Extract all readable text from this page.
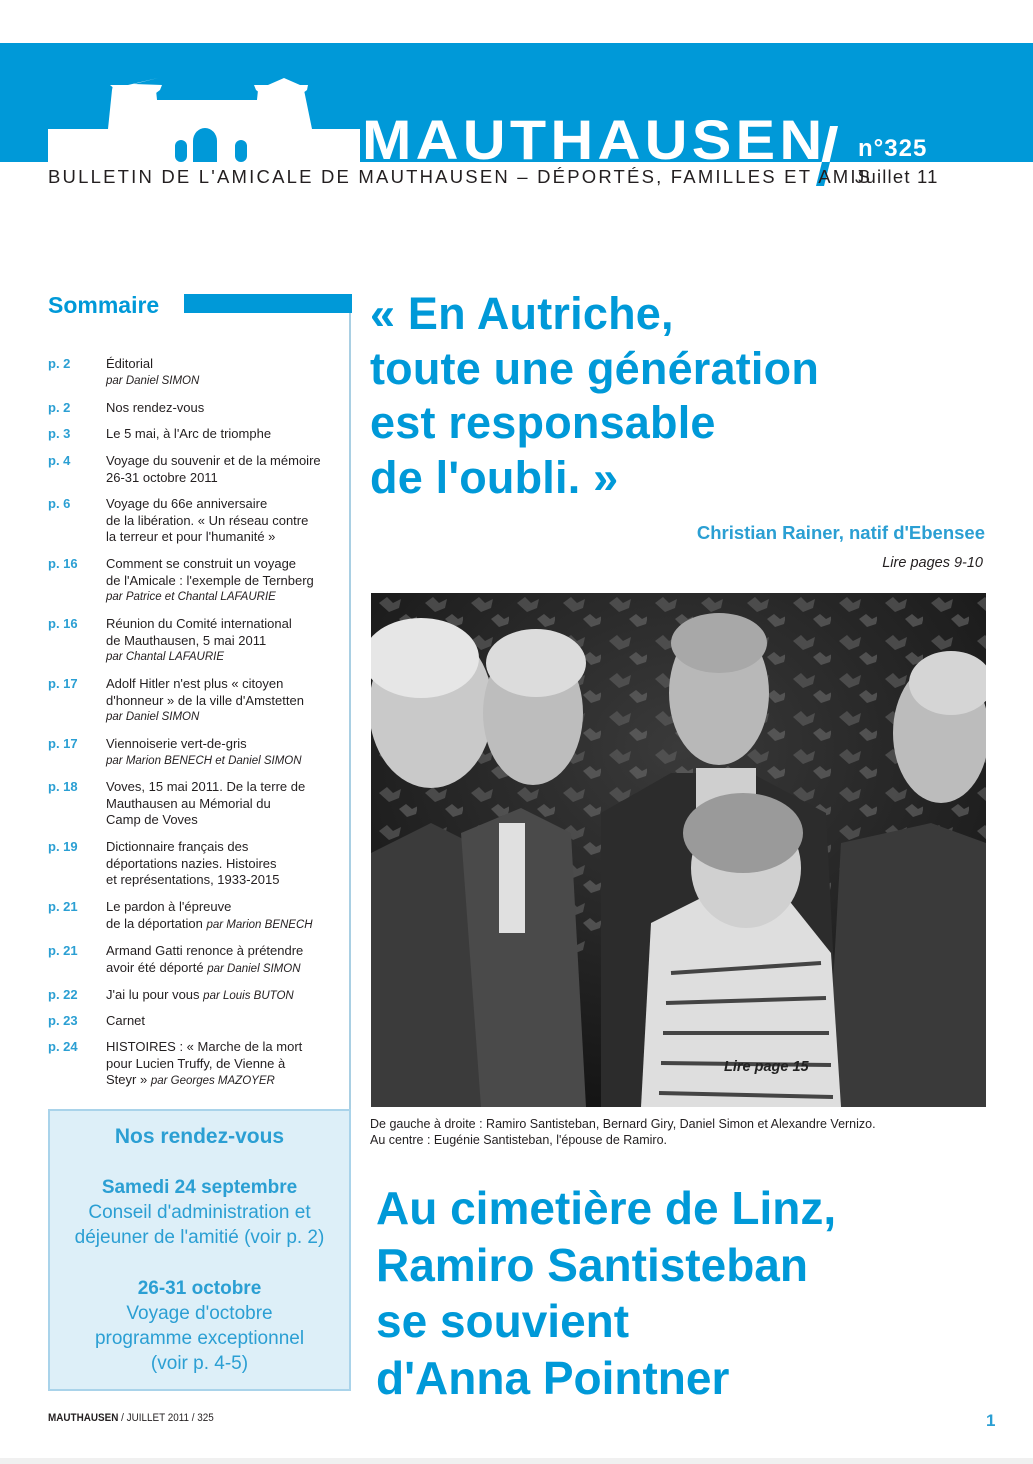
MAUTHAUSEN n°325
BULLETIN DE L'AMICALE DE MAUTHAUSEN – DÉPORTÉS, FAMILLES ET AMIS
Juillet 11
Sommaire
p. 2	Éditorial
par Daniel SIMON
p. 2	Nos rendez-vous
p. 3	Le 5 mai, à l'Arc de triomphe
p. 4	Voyage du souvenir et de la mémoire
26-31 octobre 2011
p. 6	Voyage du 66e anniversaire
de la libération. « Un réseau contre
la terreur et pour l'humanité »
p. 16	Comment se construit un voyage
de l'Amicale : l'exemple de Ternberg
par Patrice et Chantal LAFAURIE
p. 16	Réunion du Comité international
de Mauthausen, 5 mai 2011
par Chantal LAFAURIE
p. 17	Adolf Hitler n'est plus « citoyen
d'honneur » de la ville d'Amstetten
par Daniel SIMON
p. 17	Viennoiserie vert-de-gris
par Marion BENECH et Daniel SIMON
p. 18	Voves, 15 mai 2011. De la terre de
Mauthausen au Mémorial du
Camp de Voves
p. 19	Dictionnaire français des
déportations nazies. Histoires
et représentations, 1933-2015
p. 21	Le pardon à l'épreuve
de la déportation par Marion BENECH
p. 21	Armand Gatti renonce à prétendre
avoir été déporté par Daniel SIMON
p. 22	J'ai lu pour vous par Louis BUTON
p. 23	Carnet
p. 24	HISTOIRES : « Marche de la mort
pour Lucien Truffy, de Vienne à
Steyr » par Georges MAZOYER
Nos rendez-vous
Samedi 24 septembre
Conseil d'administration et
déjeuner de l'amitié (voir p. 2)
26-31 octobre
Voyage d'octobre
programme exceptionnel
(voir p. 4-5)
« En Autriche,
toute une génération
est responsable
de l'oubli. »
Christian Rainer, natif d'Ebensee
Lire pages 9-10
Lire page 15
De gauche à droite : Ramiro Santisteban, Bernard Giry, Daniel Simon et Alexandre Vernizo.
Au centre : Eugénie Santisteban, l'épouse de Ramiro.
Au cimetière de Linz,
Ramiro Santisteban
se souvient
d'Anna Pointner
MAUTHAUSEN / JUILLET 2011 / 325	1
